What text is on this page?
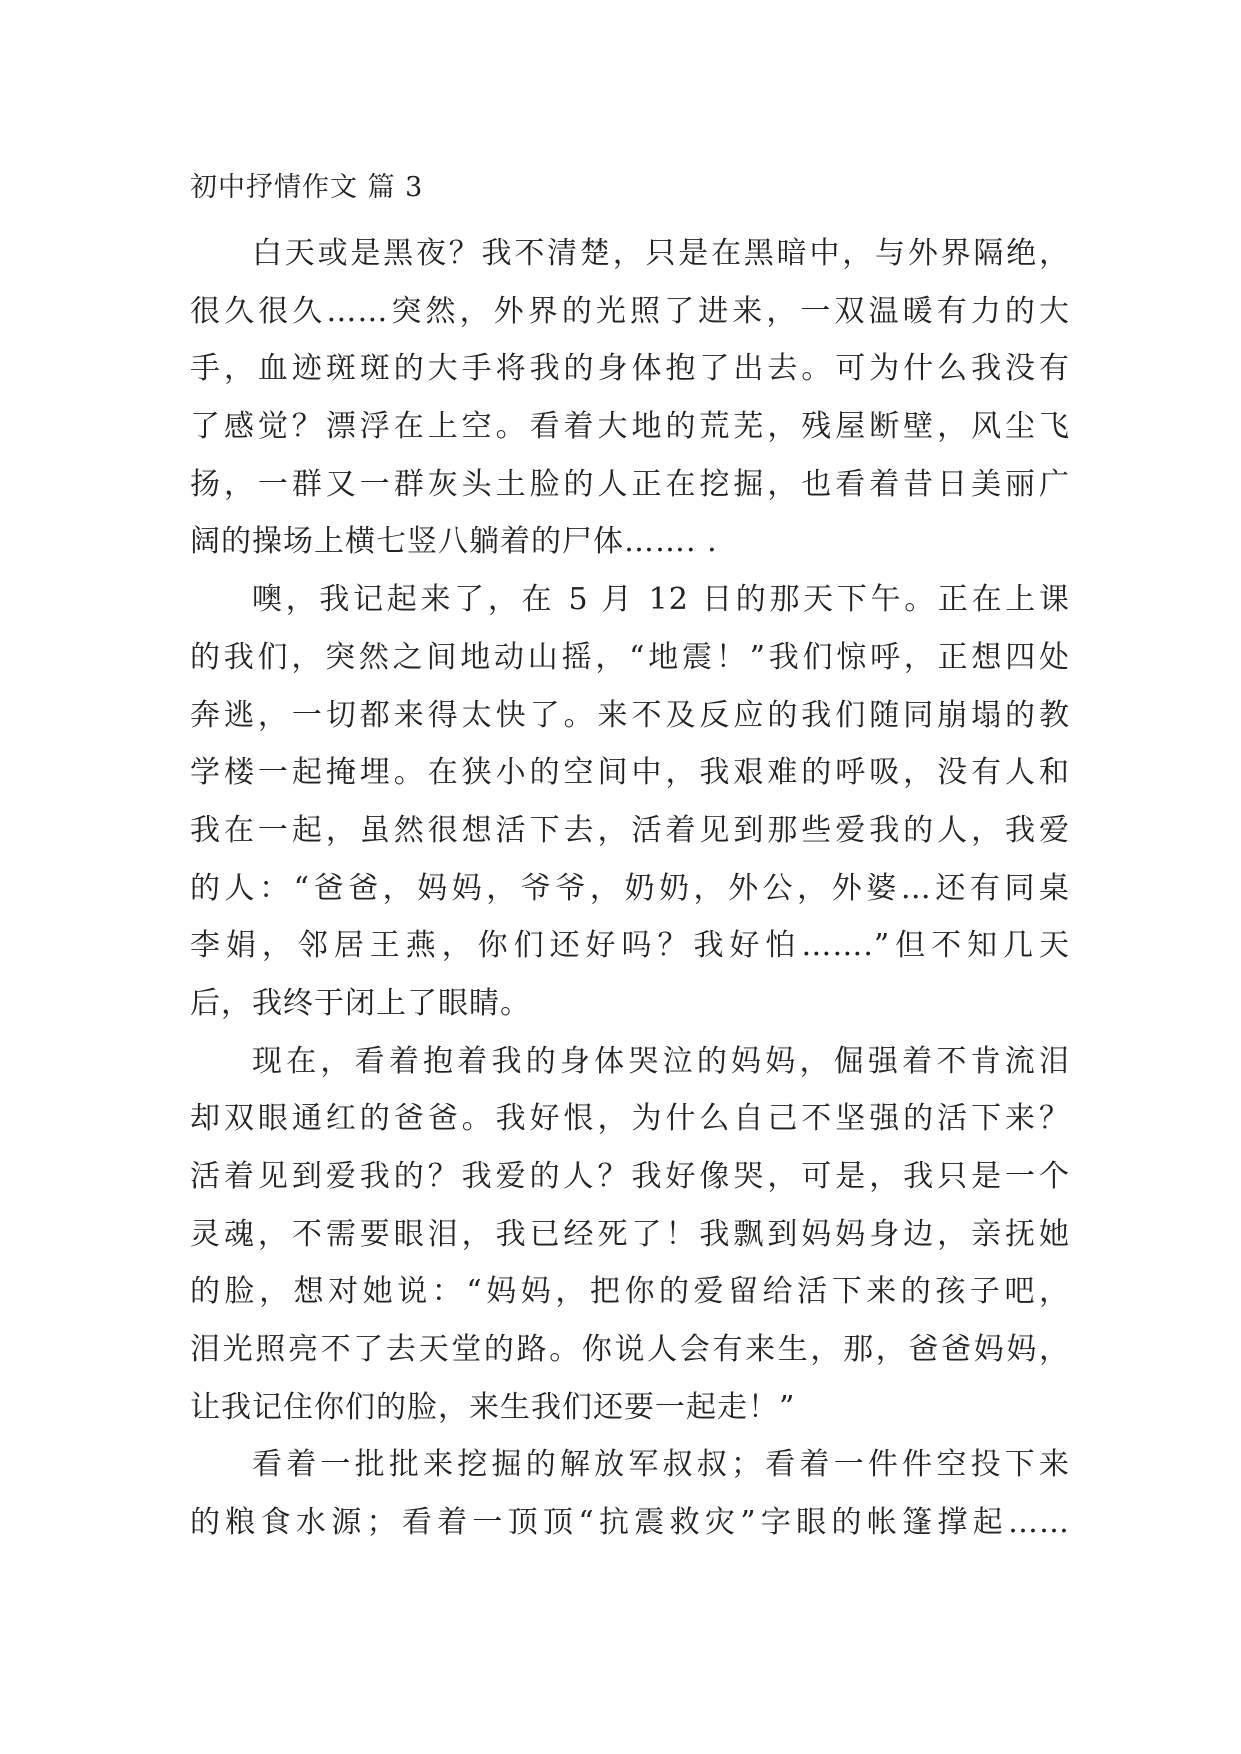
初中抒情作文 篇 3
白天或是黑夜？我不清楚，只是在黑暗中，与外界隔绝，
很久很久……突然，外界的光照了进来，一双温暖有力的大
手，血迹斑斑的大手将我的身体抱了出去。可为什么我没有
了感觉？漂浮在上空。看着大地的荒芜，残屋断壁，风尘飞
扬，一群又一群灰头土脸的人正在挖掘，也看着昔日美丽广
阔的操场上横七竖八躺着的尸体……. .
噢，我记起来了，在 5 月 12 日的那天下午。正在上课
的我们，突然之间地动山摇，“地震！”我们惊呼，正想四处
奔逃，一切都来得太快了。来不及反应的我们随同崩塌的教
学楼一起掩埋。在狭小的空间中，我艰难的呼吸，没有人和
我在一起，虽然很想活下去，活着见到那些爱我的人，我爱
的人：“爸爸，妈妈，爷爷，奶奶，外公，外婆…还有同桌
李娟，邻居王燕，你们还好吗？我好怕…….”但不知几天
后，我终于闭上了眼睛。
现在，看着抱着我的身体哭泣的妈妈，倔强着不肯流泪
却双眼通红的爸爸。我好恨，为什么自己不坚强的活下来？
活着见到爱我的？我爱的人？我好像哭，可是，我只是一个
灵魂，不需要眼泪，我已经死了！我飘到妈妈身边，亲抚她
的脸，想对她说：“妈妈，把你的爱留给活下来的孩子吧，
泪光照亮不了去天堂的路。你说人会有来生，那，爸爸妈妈，
让我记住你们的脸，来生我们还要一起走！”
看着一批批来挖掘的解放军叔叔；看着一件件空投下来
的粮食水源；看着一顶顶“抗震救灾”字眼的帐篷撑起……
